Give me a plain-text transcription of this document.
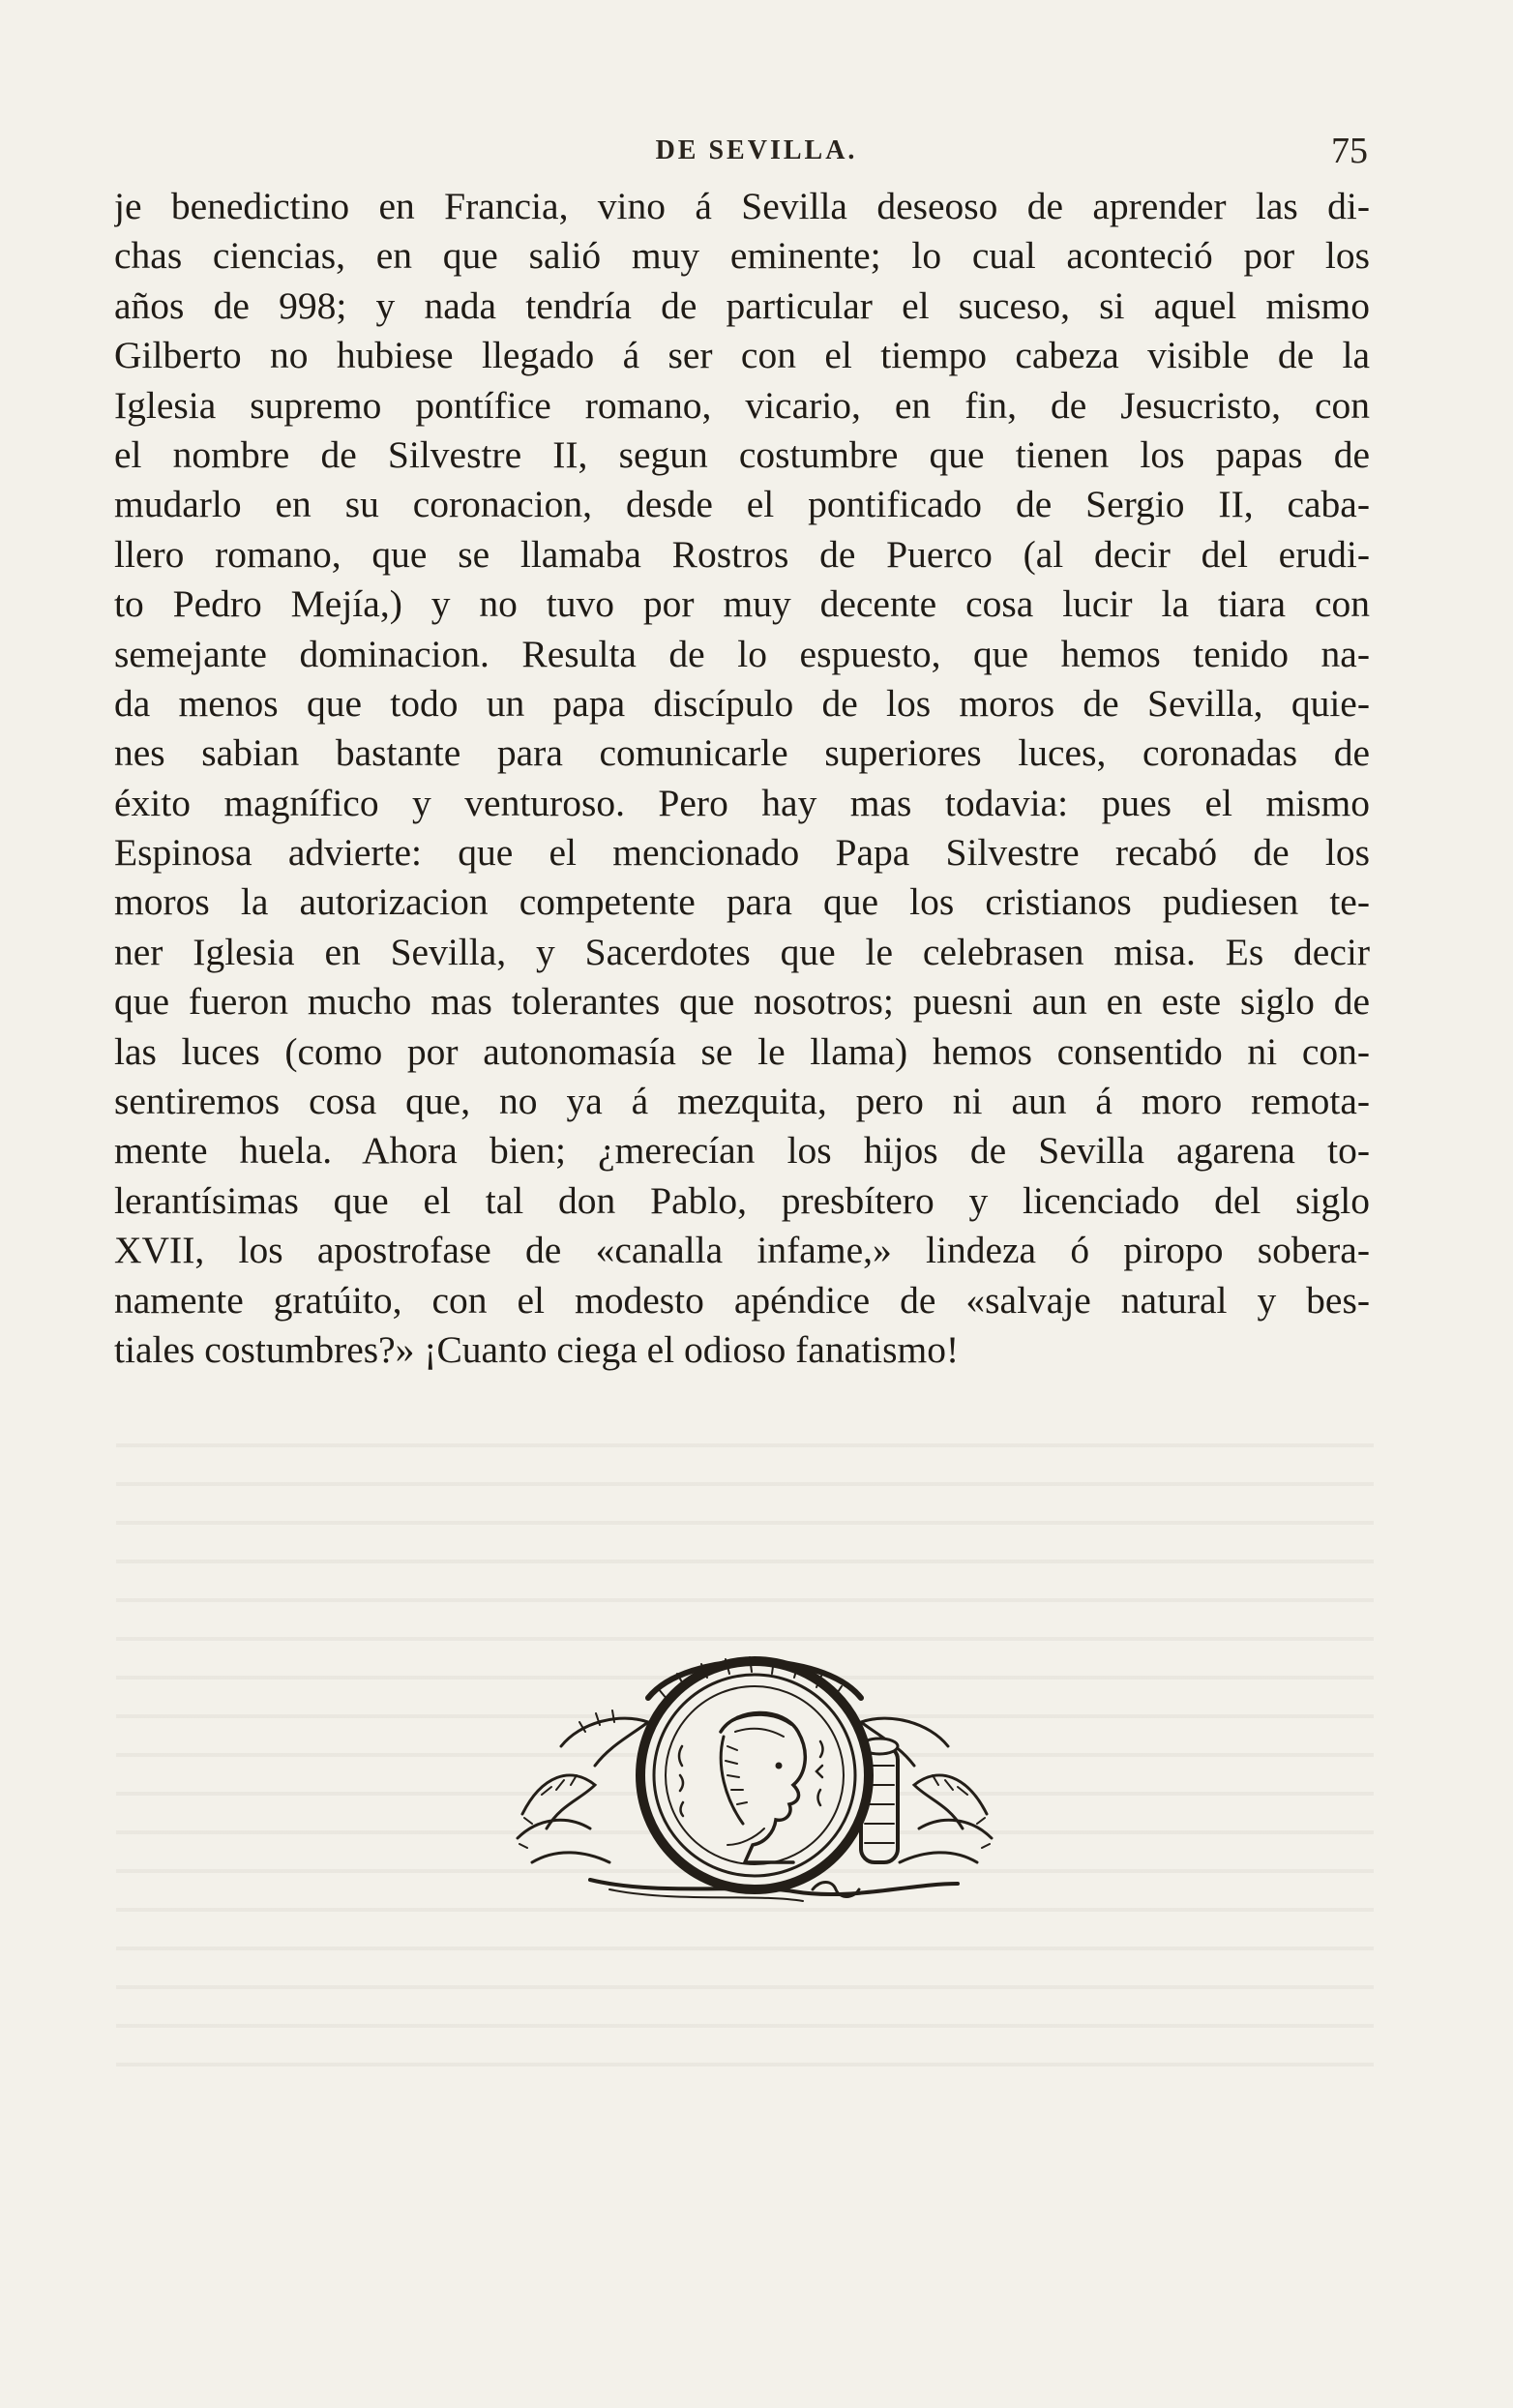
DE SEVILLA.	75
je benedictino en Francia, vino á Sevilla deseoso de aprender las di-
chas ciencias, en que salió muy eminente; lo cual aconteció por los
años de 998; y nada tendría de particular el suceso, si aquel mismo
Gilberto no hubiese llegado á ser con el tiempo cabeza visible de la
Iglesia supremo pontífice romano, vicario, en fin, de Jesucristo, con
el nombre de Silvestre II, segun costumbre que tienen los papas de
mudarlo en su coronacion, desde el pontificado de Sergio II, caba-
llero romano, que se llamaba Rostros de Puerco (al decir del erudi-
to Pedro Mejía,) y no tuvo por muy decente cosa lucir la tiara con
semejante dominacion. Resulta de lo espuesto, que hemos tenido na-
da menos que todo un papa discípulo de los moros de Sevilla, quie-
nes sabian bastante para comunicarle superiores luces, coronadas de
éxito magnífico y venturoso. Pero hay mas todavia: pues el mismo
Espinosa advierte: que el mencionado Papa Silvestre recabó de los
moros la autorizacion competente para que los cristianos pudiesen te-
ner Iglesia en Sevilla, y Sacerdotes que le celebrasen misa. Es decir
que fueron mucho mas tolerantes que nosotros; puesni aun en este siglo de
las luces (como por autonomasía se le llama) hemos consentido ni con-
sentiremos cosa que, no ya á mezquita, pero ni aun á moro remota-
mente huela. Ahora bien; ¿merecían los hijos de Sevilla agarena to-
lerantísimas que el tal don Pablo, presbítero y licenciado del siglo
XVII, los apostrofase de «canalla infame,» lindeza ó piropo sobera-
namente gratúito, con el modesto apéndice de «salvaje natural y bes-
tiales costumbres?» ¡Cuanto ciega el odioso fanatismo!
